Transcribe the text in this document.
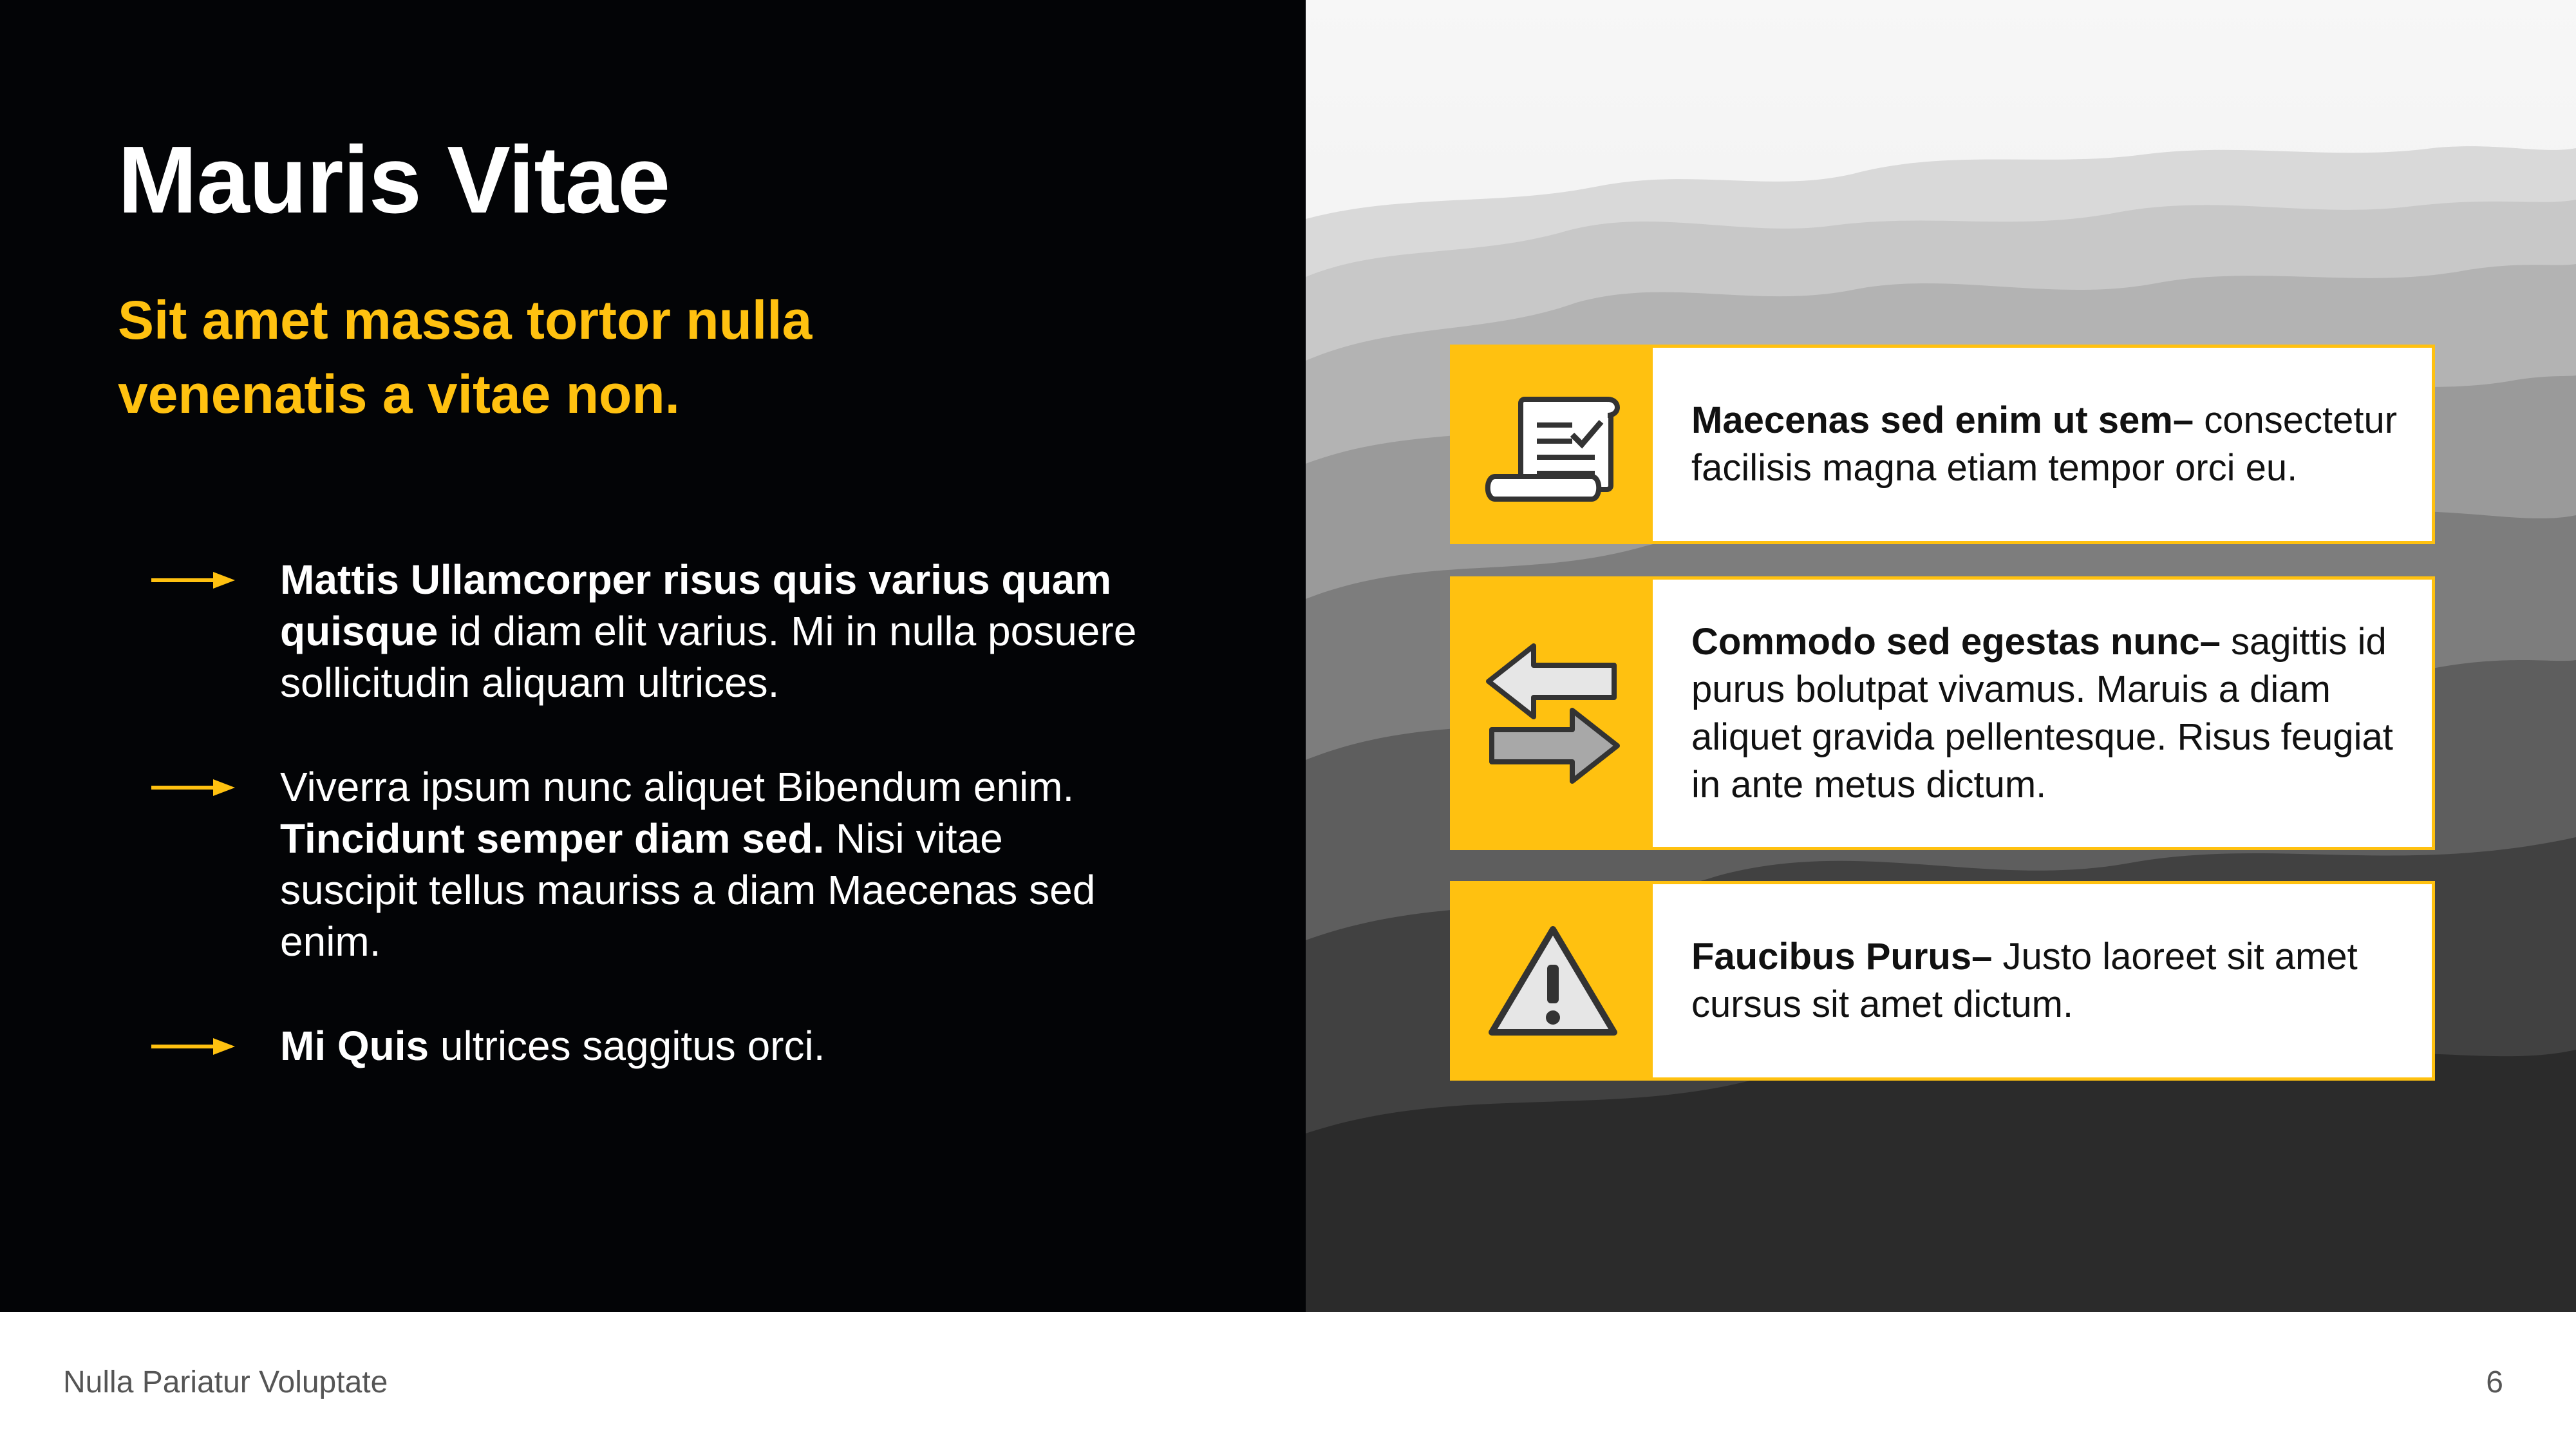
Mauris Vitae
Sit amet massa tortor nulla venenatis a vitae non.
Mattis Ullamcorper risus quis varius quam quisque id diam elit varius. Mi in nulla posuere sollicitudin aliquam ultrices.
Viverra ipsum nunc aliquet Bibendum enim. Tincidunt semper diam sed. Nisi vitae suscipit tellus mauriss a diam Maecenas sed enim.
Mi Quis ultrices saggitus orci.
Maecenas sed enim ut sem– consectetur facilisis magna etiam tempor orci eu.
Commodo sed egestas nunc– sagittis id purus bolutpat vivamus. Maruis a diam aliquet gravida pellentesque. Risus feugiat in ante metus dictum.
Faucibus Purus– Justo laoreet sit amet cursus sit amet dictum.
Nulla Pariatur Voluptate	6
